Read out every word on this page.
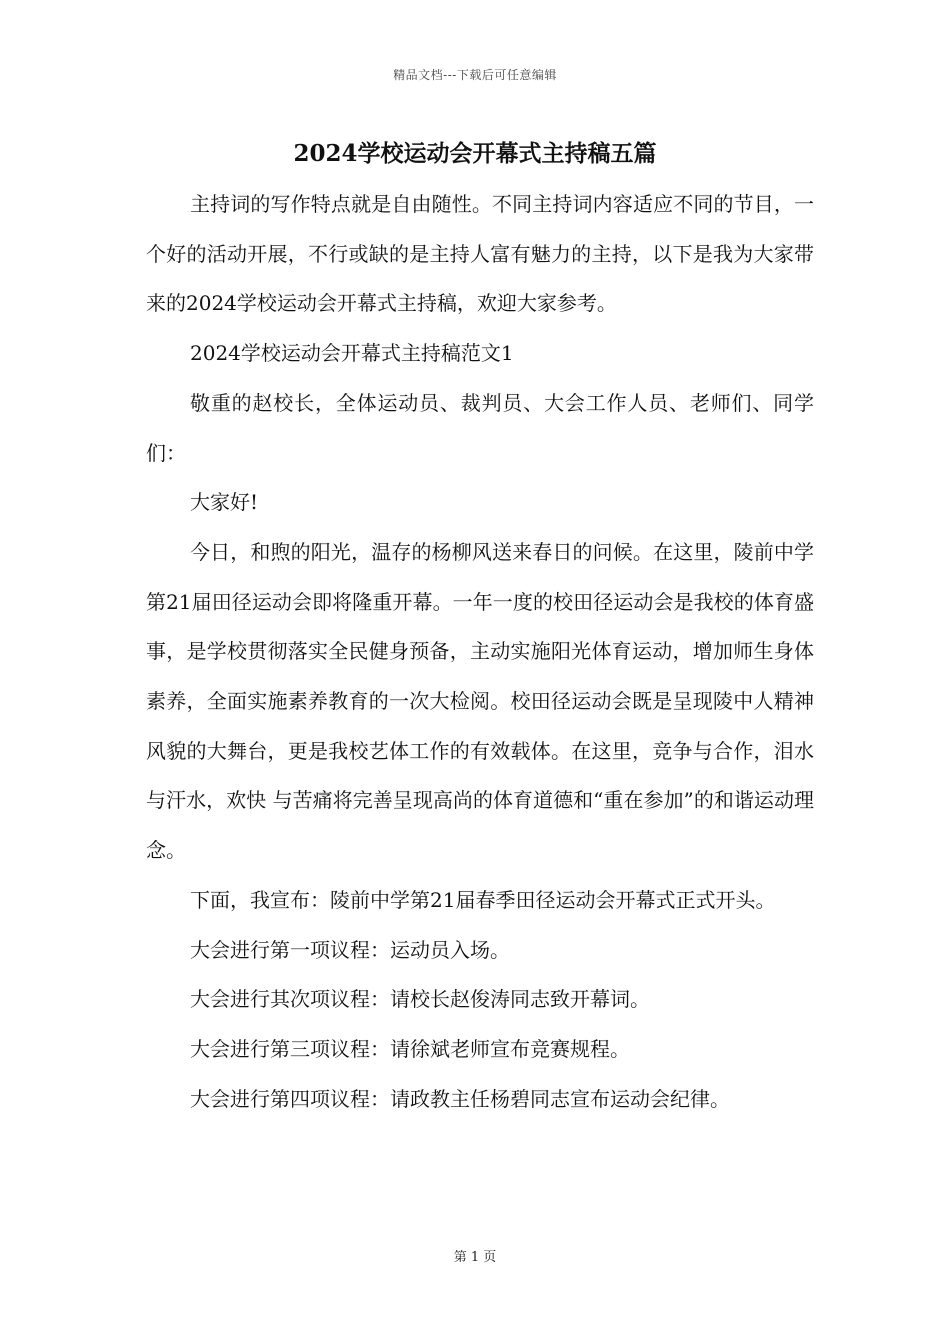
精品文档---下载后可任意编辑
2024学校运动会开幕式主持稿五篇

主持词的写作特点就是自由随性。不同主持词内容适应不同的节目，一个好的活动开展，不行或缺的是主持人富有魅力的主持，以下是我为大家带来的2024学校运动会开幕式主持稿，欢迎大家参考。

2024学校运动会开幕式主持稿范文1

敬重的赵校长，全体运动员、裁判员、大会工作人员、老师们、同学们：

大家好!

今日，和煦的阳光，温存的杨柳风送来春日的问候。在这里，陵前中学第21届田径运动会即将隆重开幕。一年一度的校田径运动会是我校的体育盛事，是学校贯彻落实全民健身预备，主动实施阳光体育运动，增加师生身体素养，全面实施素养教育的一次大检阅。校田径运动会既是呈现陵中人精神风貌的大舞台，更是我校艺体工作的有效载体。在这里，竞争与合作，泪水与汗水，欢快 与苦痛将完善呈现高尚的体育道德和“重在参加”的和谐运动理念。

下面，我宣布：陵前中学第21届春季田径运动会开幕式正式开头。

大会进行第一项议程：运动员入场。

大会进行其次项议程：请校长赵俊涛同志致开幕词。

大会进行第三项议程：请徐斌老师宣布竞赛规程。

大会进行第四项议程：请政教主任杨碧同志宣布运动会纪律。

第 1 页
